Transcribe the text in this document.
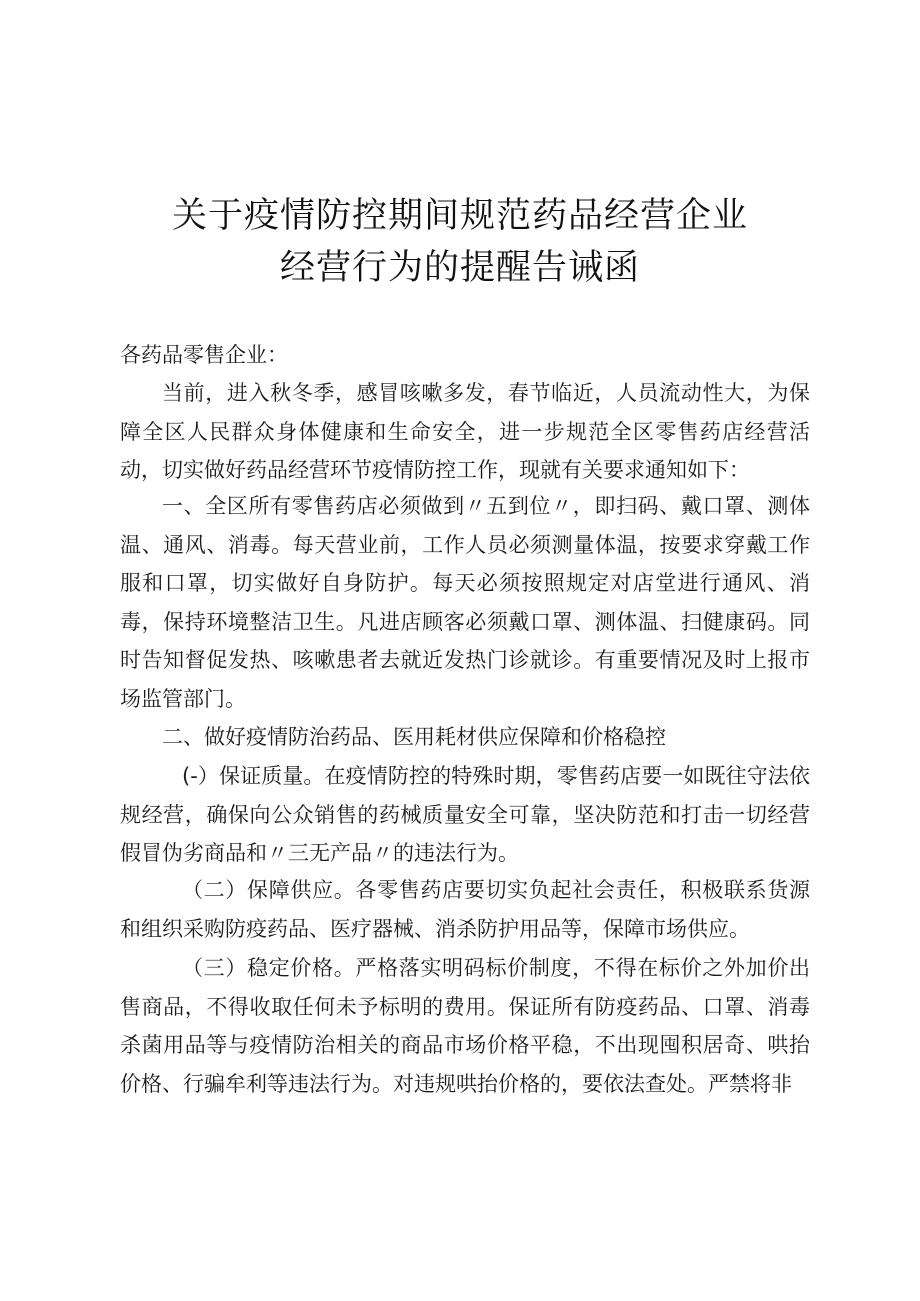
关于疫情防控期间规范药品经营企业
经营行为的提醒告诫函
各药品零售企业：

当前，进入秋冬季，感冒咳嗽多发，春节临近，人员流动性大，为保障全区人民群众身体健康和生命安全，进一步规范全区零售药店经营活动，切实做好药品经营环节疫情防控工作，现就有关要求通知如下：

一、全区所有零售药店必须做到〃五到位〃，即扫码、戴口罩、测体温、通风、消毒。每天营业前，工作人员必须测量体温，按要求穿戴工作服和口罩，切实做好自身防护。每天必须按照规定对店堂进行通风、消毒，保持环境整洁卫生。凡进店顾客必须戴口罩、测体温、扫健康码。同时告知督促发热、咳嗽患者去就近发热门诊就诊。有重要情况及时上报市场监管部门。

二、做好疫情防治药品、医用耗材供应保障和价格稳控

(-）保证质量。在疫情防控的特殊时期，零售药店要一如既往守法依规经营，确保向公众销售的药械质量安全可靠，坚决防范和打击一切经营假冒伪劣商品和〃三无产品〃的违法行为。

（二）保障供应。各零售药店要切实负起社会责任，积极联系货源和组织采购防疫药品、医疗器械、消杀防护用品等，保障市场供应。

（三）稳定价格。严格落实明码标价制度，不得在标价之外加价出售商品，不得收取任何未予标明的费用。保证所有防疫药品、口罩、消毒杀菌用品等与疫情防治相关的商品市场价格平稳，不出现囤积居奇、哄抬价格、行骗牟利等违法行为。对违规哄抬价格的，要依法查处。严禁将非
